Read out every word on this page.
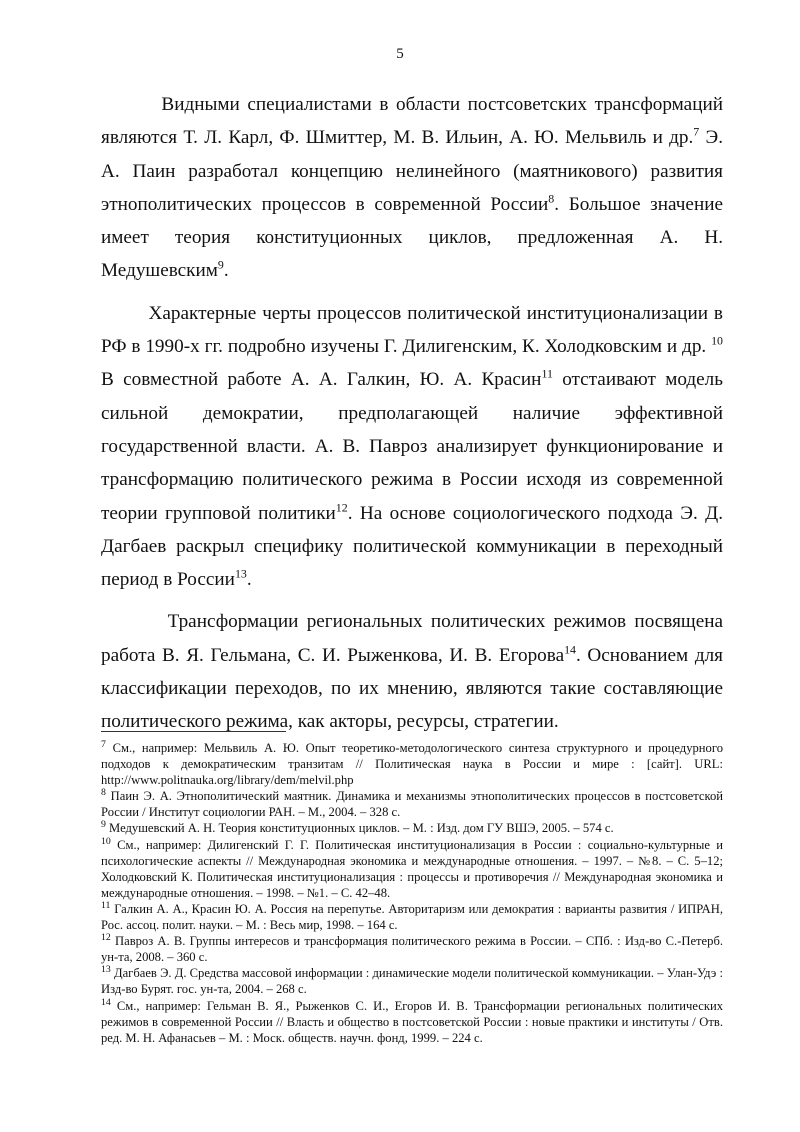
5

Видными специалистами в области постсоветских трансформаций являются Т. Л. Карл, Ф. Шмиттер, М. В. Ильин, А. Ю. Мельвиль и др.$^7$ Э. А. Паин разработал концепцию нелинейного (маятникового) развития этнополитических процессов в современной России$^8$. Большое значение имеет теория конституционных циклов, предложенная А. Н. Медушевским$^9$.

Характерные черты процессов политической институционализации в РФ в 1990-х гг. подробно изучены Г. Дилигенским, К. Холодковским и др. $^{10}$ В совместной работе А. А. Галкин, Ю. А. Красин$^{11}$ отстаивают модель сильной демократии, предполагающей наличие эффективной государственной власти. А. В. Павроз анализирует функционирование и трансформацию политического режима в России исходя из современной теории групповой политики$^{12}$. На основе социологического подхода Э. Д. Дагбаев раскрыл специфику политической коммуникации в переходный период в России$^{13}$.

Трансформации региональных политических режимов посвящена работа В. Я. Гельмана, С. И. Рыженкова, И. В. Егорова$^{14}$. Основанием для классификации переходов, по их мнению, являются такие составляющие политического режима, как акторы, ресурсы, стратегии.

$^7$ См., например: Мельвиль А. Ю. Опыт теоретико-методологического синтеза структурного и процедурного подходов к демократическим транзитам // Политическая наука в России и мире : [сайт]. URL: http://www.politnauka.org/library/dem/melvil.php

$^8$ Паин Э. А. Этнополитический маятник. Динамика и механизмы этнополитических процессов в постсоветской России / Институт социологии РАН. – М., 2004. – 328 с.

$^9$ Медушевский А. Н. Теория конституционных циклов. – М. : Изд. дом ГУ ВШЭ, 2005. – 574 с.

$^{10}$ См., например: Дилигенский Г. Г. Политическая институционализация в России : социально-культурные и психологические аспекты // Международная экономика и международные отношения. – 1997. – №8. – С. 5–12; Холодковский К. Политическая институционализация : процессы и противоречия // Международная экономика и международные отношения. – 1998. – №1. – С. 42–48.

$^{11}$ Галкин А. А., Красин Ю. А. Россия на перепутье. Авторитаризм или демократия : варианты развития / ИПРАН, Рос. ассоц. полит. науки. – М. : Весь мир, 1998. – 164 с.

$^{12}$ Павроз А. В. Группы интересов и трансформация политического режима в России. – СПб. : Изд-во С.-Петерб. ун-та, 2008. – 360 с.

$^{13}$ Дагбаев Э. Д. Средства массовой информации : динамические модели политической коммуникации. – Улан-Удэ : Изд-во Бурят. гос. ун-та, 2004. – 268 с.

$^{14}$ См., например: Гельман В. Я., Рыженков С. И., Егоров И. В. Трансформации региональных политических режимов в современной России // Власть и общество в постсоветской России : новые практики и институты / Отв. ред. М. Н. Афанасьев – М. : Моск. обществ. научн. фонд, 1999. – 224 с.
